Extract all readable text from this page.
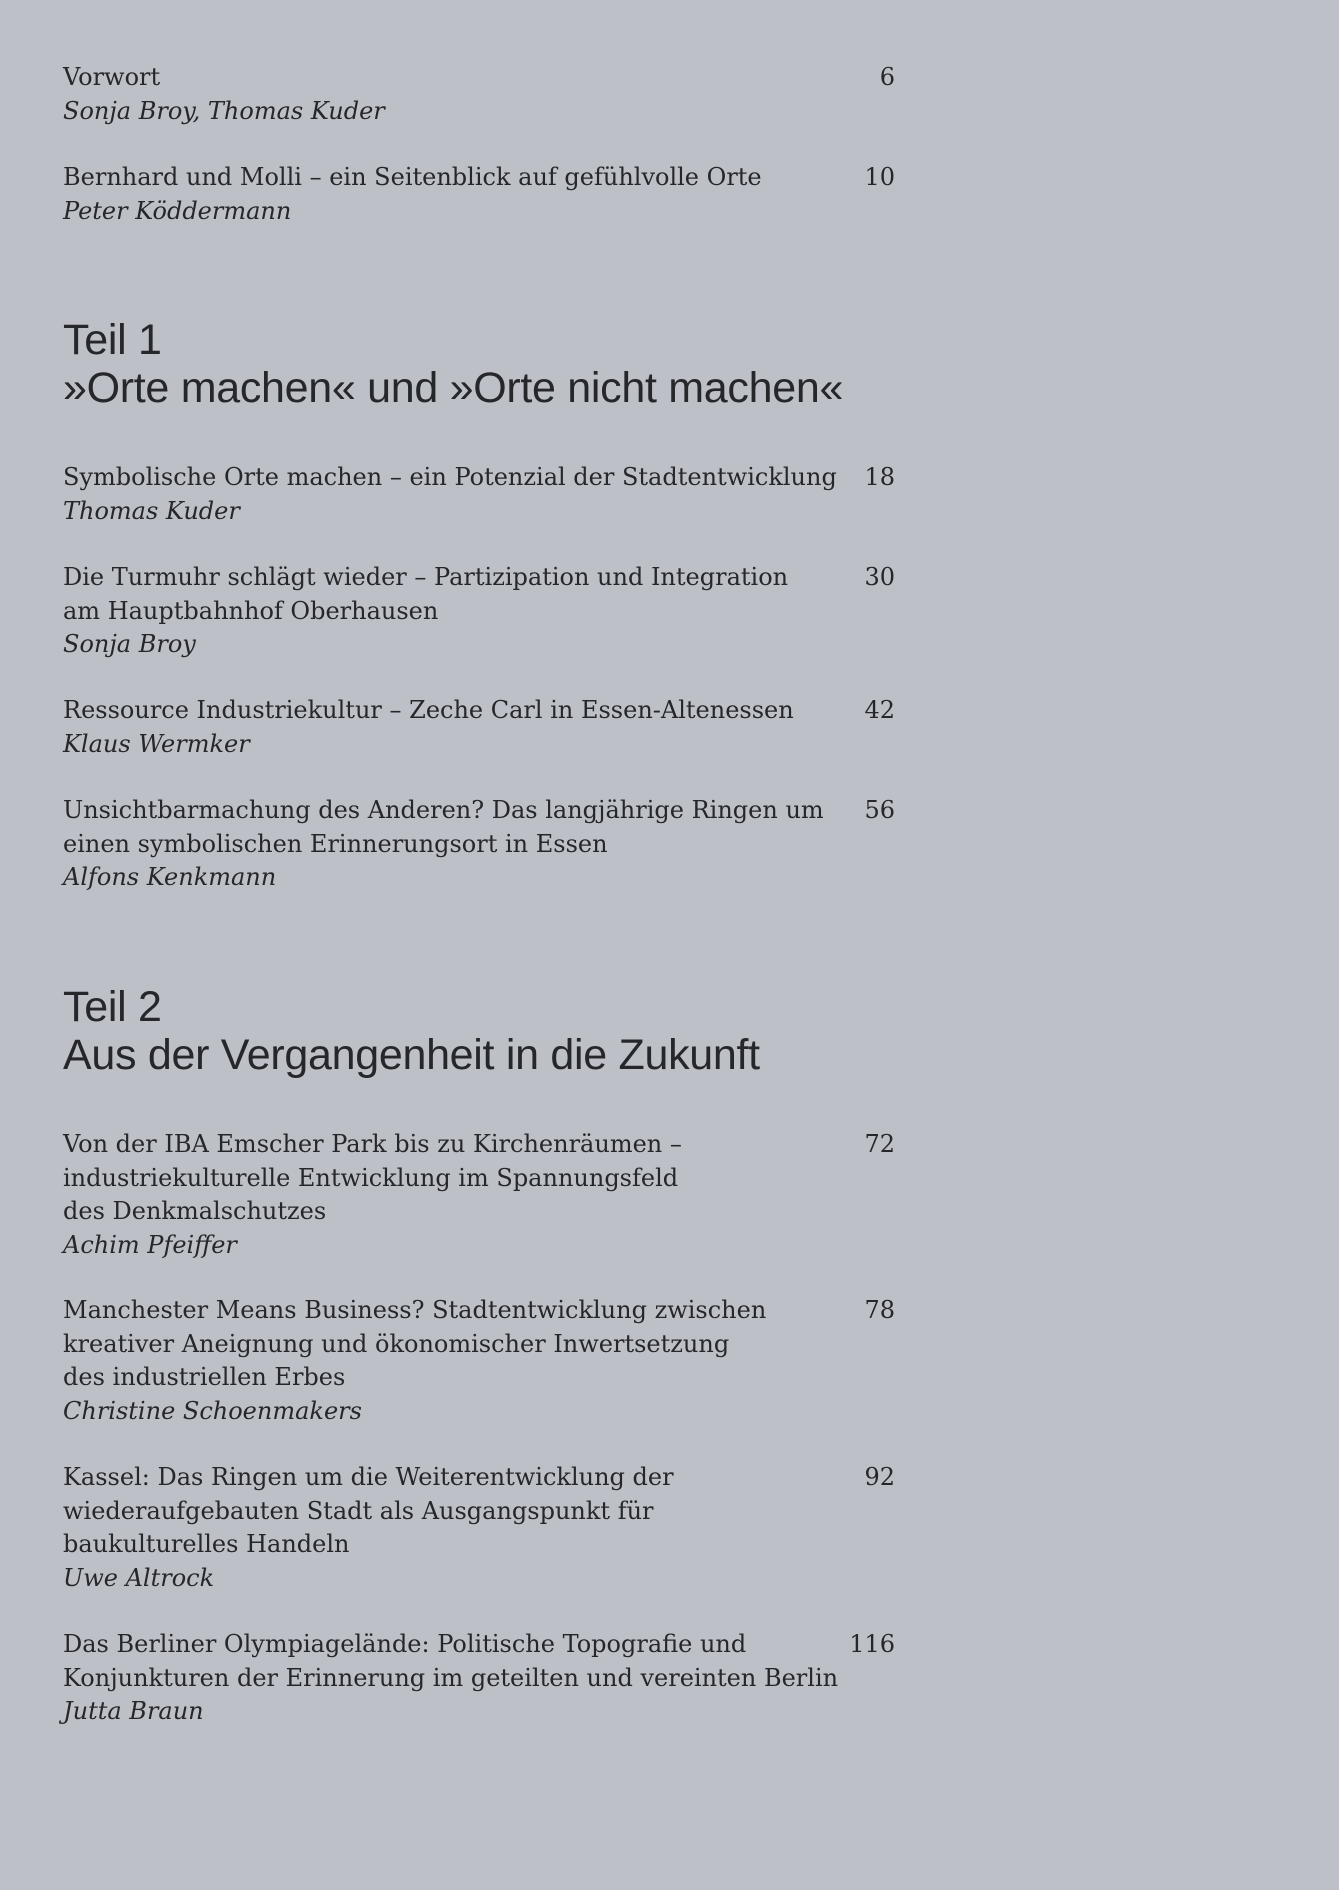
Vorwort
Sonja Broy, Thomas Kuder
6
Bernhard und Molli – ein Seitenblick auf gefühlvolle Orte
Peter Köddermann
10
Teil 1
»Orte machen« und »Orte nicht machen«
Symbolische Orte machen – ein Potenzial der Stadtentwicklung
Thomas Kuder
18
Die Turmuhr schlägt wieder – Partizipation und Integration
am Hauptbahnhof Oberhausen
Sonja Broy
30
Ressource Industriekultur – Zeche Carl in Essen-Altenessen
Klaus Wermker
42
Unsichtbarmachung des Anderen? Das langjährige Ringen um
einen symbolischen Erinnerungsort in Essen
Alfons Kenkmann
56
Teil 2
Aus der Vergangenheit in die Zukunft
Von der IBA Emscher Park bis zu Kirchenräumen –
industriekulturelle Entwicklung im Spannungsfeld
des Denkmalschutzes
Achim Pfeiffer
72
Manchester Means Business? Stadtentwicklung zwischen
kreativer Aneignung und ökonomischer Inwertsetzung
des industriellen Erbes
Christine Schoenmakers
78
Kassel: Das Ringen um die Weiterentwicklung der
wiederaufgebauten Stadt als Ausgangspunkt für
baukulturelles Handeln
Uwe Altrock
92
Das Berliner Olympiagelände: Politische Topografie und
Konjunkturen der Erinnerung im geteilten und vereinten Berlin
Jutta Braun
116
